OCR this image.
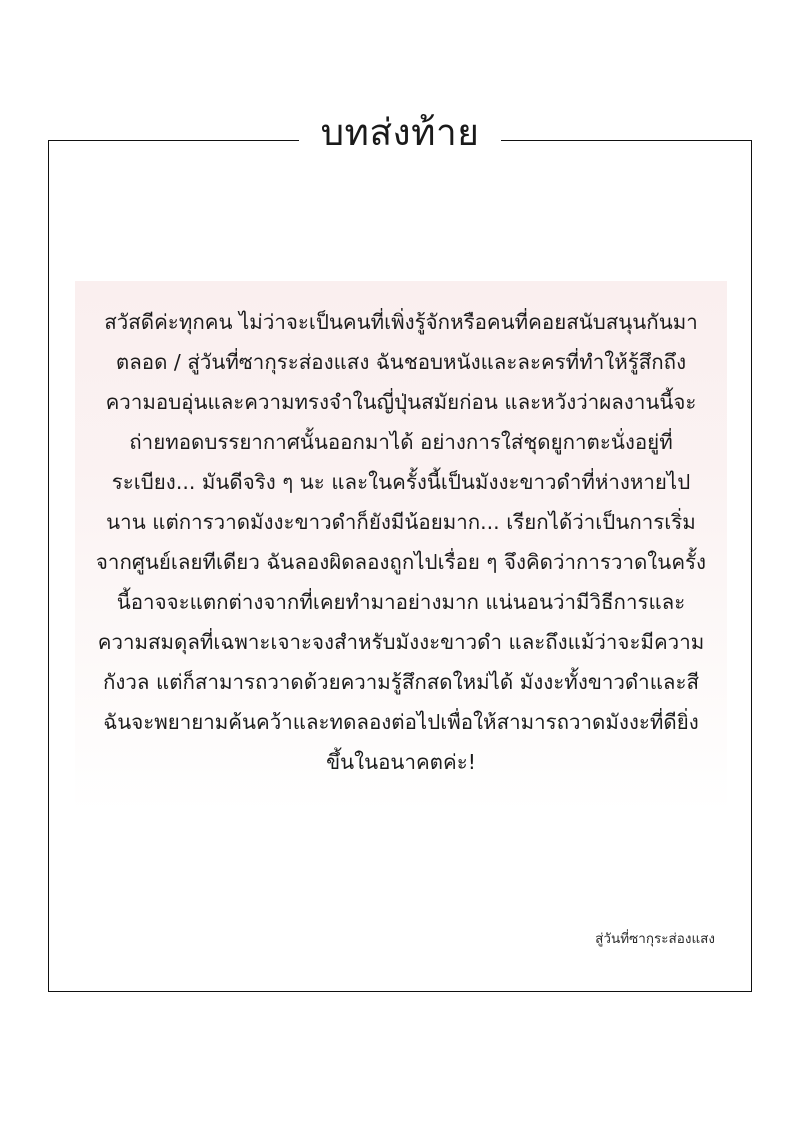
บทส่งท้าย
สวัสดีค่ะทุกคน ไม่ว่าจะเป็นคนที่เพิ่งรู้จักหรือคนที่คอยสนับสนุนกันมาตลอด / สู่วันที่ซากุระส่องแสง ฉันชอบหนังและละครที่ทำให้รู้สึกถึงความอบอุ่นและความทรงจำในญี่ปุ่นสมัยก่อน และหวังว่าผลงานนี้จะถ่ายทอดบรรยากาศนั้นออกมาได้ อย่างการใส่ชุดยูกาตะนั่งอยู่ที่ระเบียง... มันดีจริง ๆ นะ และในครั้งนี้เป็นมังงะขาวดำที่ห่างหายไปนาน แต่การวาดมังงะขาวดำก็ยังมีน้อยมาก... เรียกได้ว่าเป็นการเริ่มจากศูนย์เลยทีเดียว ฉันลองผิดลองถูกไปเรื่อย ๆ จึงคิดว่าการวาดในครั้งนี้อาจจะแตกต่างจากที่เคยทำมาอย่างมาก แน่นอนว่ามีวิธีการและความสมดุลที่เฉพาะเจาะจงสำหรับมังงะขาวดำ และถึงแม้ว่าจะมีความกังวล แต่ก็สามารถวาดด้วยความรู้สึกสดใหม่ได้ มังงะทั้งขาวดำและสี ฉันจะพยายามค้นคว้าและทดลองต่อไปเพื่อให้สามารถวาดมังงะที่ดียิ่งขึ้นในอนาคตค่ะ!
สู่วันที่ซากุระส่องแสง
